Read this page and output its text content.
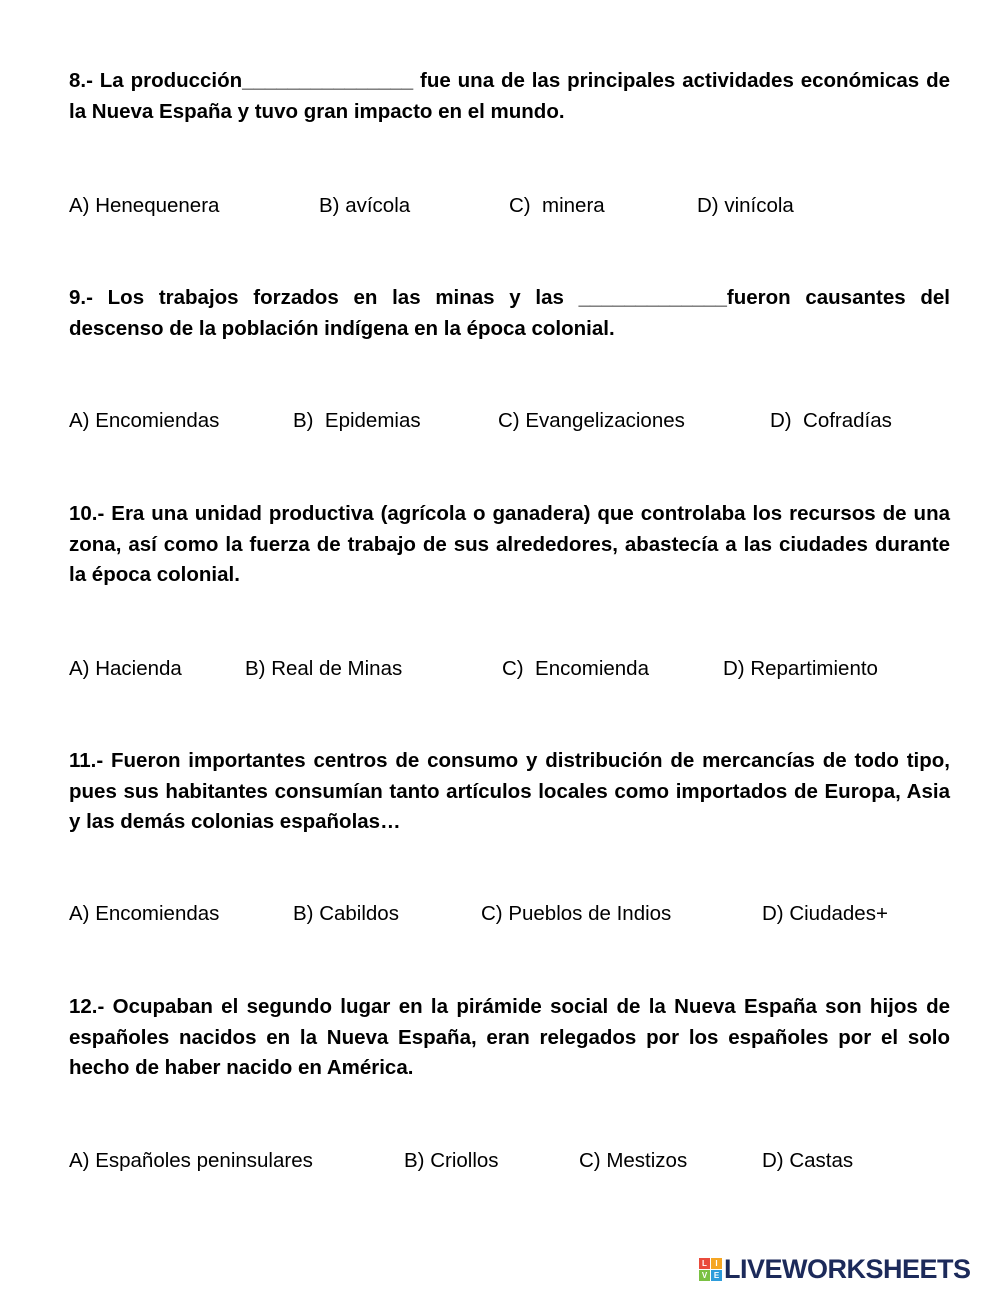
8.- La producción_______________ fue una de las principales actividades económicas de la Nueva España y tuvo gran impacto en el mundo.

A) Henequenera	B) avícola	C)  minera	D) vinícola

9.- Los trabajos forzados en las minas y las _____________fueron causantes del descenso de la población indígena en la época colonial.

A) Encomiendas	B)  Epidemias	C) Evangelizaciones	D)  Cofradías

10.- Era una unidad productiva (agrícola o ganadera) que controlaba los recursos de una zona, así como la fuerza de trabajo de sus alrededores, abastecía a las ciudades durante la época colonial.

A) Hacienda	B) Real de Minas	C)  Encomienda	D) Repartimiento

11.- Fueron importantes centros de consumo y distribución de mercancías de todo tipo, pues sus habitantes consumían tanto artículos locales como importados de Europa, Asia y las demás colonias españolas…

A) Encomiendas	B) Cabildos	C) Pueblos de Indios	D) Ciudades+

12.- Ocupaban el segundo lugar en la pirámide social de la Nueva España son hijos de españoles nacidos en la Nueva España, eran relegados por los españoles por el solo hecho de haber nacido en América.

A) Españoles peninsulares	B) Criollos	C) Mestizos	D) Castas
L	I
V E LIVEWORKSHEETS
